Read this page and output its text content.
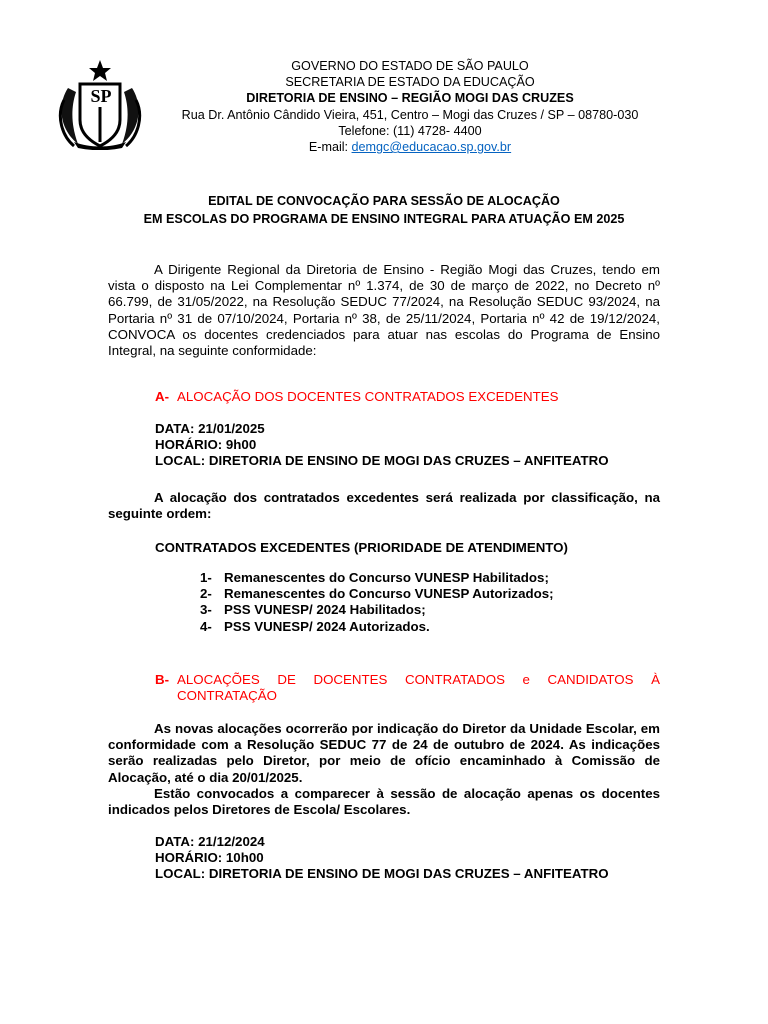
SP
GOVERNO DO ESTADO DE SÃO PAULO
SECRETARIA DE ESTADO DA EDUCAÇÃO
DIRETORIA DE ENSINO – REGIÃO MOGI DAS CRUZES
Rua Dr. Antônio Cândido Vieira, 451, Centro – Mogi das Cruzes / SP – 08780-030
Telefone: (11) 4728- 4400
E-mail: demgc@educacao.sp.gov.br
EDITAL DE CONVOCAÇÃO PARA SESSÃO DE ALOCAÇÃO
EM ESCOLAS DO PROGRAMA DE ENSINO INTEGRAL PARA ATUAÇÃO EM 2025
A Dirigente Regional da Diretoria de Ensino - Região Mogi das Cruzes, tendo em vista o disposto na Lei Complementar nº 1.374, de 30 de março de 2022, no Decreto nº 66.799, de 31/05/2022, na Resolução SEDUC 77/2024, na Resolução SEDUC 93/2024, na Portaria nº 31 de 07/10/2024, Portaria nº 38, de 25/11/2024, Portaria nº 42 de 19/12/2024, CONVOCA os docentes credenciados para atuar nas escolas do Programa de Ensino Integral, na seguinte conformidade:
A- ALOCAÇÃO DOS DOCENTES CONTRATADOS EXCEDENTES
DATA: 21/01/2025
HORÁRIO: 9h00
LOCAL: DIRETORIA DE ENSINO DE MOGI DAS CRUZES – ANFITEATRO
A alocação dos contratados excedentes será realizada por classificação, na seguinte ordem:
CONTRATADOS EXCEDENTES (PRIORIDADE DE ATENDIMENTO)
1- Remanescentes do Concurso VUNESP Habilitados;
2- Remanescentes do Concurso VUNESP Autorizados;
3- PSS VUNESP/ 2024 Habilitados;
4- PSS VUNESP/ 2024 Autorizados.
B- ALOCAÇÕES DE DOCENTES CONTRATADOS e CANDIDATOS À
CONTRATAÇÃO
As novas alocações ocorrerão por indicação do Diretor da Unidade Escolar, em conformidade com a Resolução SEDUC 77 de 24 de outubro de 2024. As indicações serão realizadas pelo Diretor, por meio de ofício encaminhado à Comissão de Alocação, até o dia 20/01/2025.
Estão convocados a comparecer à sessão de alocação apenas os docentes indicados pelos Diretores de Escola/ Escolares.
DATA: 21/12/2024
HORÁRIO: 10h00
LOCAL: DIRETORIA DE ENSINO DE MOGI DAS CRUZES – ANFITEATRO
